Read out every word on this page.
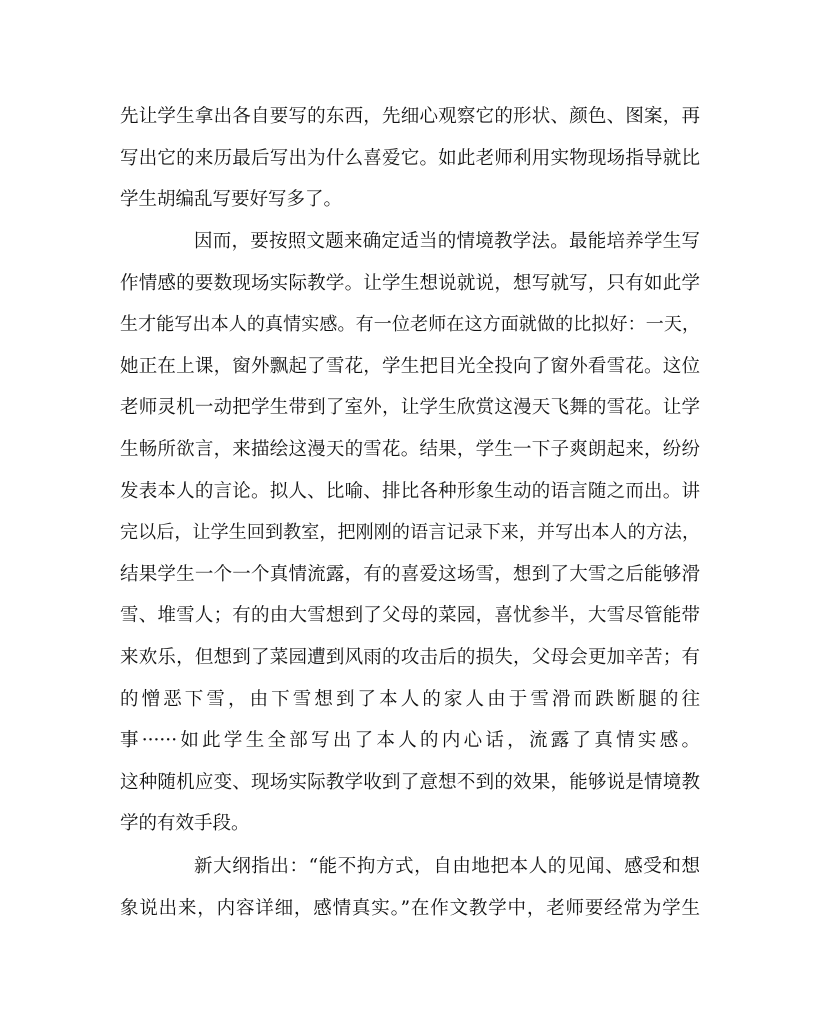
先让学生拿出各自要写的东西，先细心观察它的形状、颜色、图案，再
写出它的来历最后写出为什么喜爱它。如此老师利用实物现场指导就比
学生胡编乱写要好写多了。
因而，要按照文题来确定适当的情境教学法。最能培养学生写
作情感的要数现场实际教学。让学生想说就说，想写就写，只有如此学
生才能写出本人的真情实感。有一位老师在这方面就做的比拟好：一天，
她正在上课，窗外飘起了雪花，学生把目光全投向了窗外看雪花。这位
老师灵机一动把学生带到了室外，让学生欣赏这漫天飞舞的雪花。让学
生畅所欲言，来描绘这漫天的雪花。结果，学生一下子爽朗起来，纷纷
发表本人的言论。拟人、比喻、排比各种形象生动的语言随之而出。讲
完以后，让学生回到教室，把刚刚的语言记录下来，并写出本人的方法，
结果学生一个一个真情流露，有的喜爱这场雪，想到了大雪之后能够滑
雪、堆雪人；有的由大雪想到了父母的菜园，喜忧参半，大雪尽管能带
来欢乐，但想到了菜园遭到风雨的攻击后的损失，父母会更加辛苦；有
的憎恶下雪，由下雪想到了本人的家人由于雪滑而跌断腿的往
事······如此学生全部写出了本人的内心话，流露了真情实感。
这种随机应变、现场实际教学收到了意想不到的效果，能够说是情境教
学的有效手段。
新大纲指出：“能不拘方式，自由地把本人的见闻、感受和想
象说出来，内容详细，感情真实。”在作文教学中，老师要经常为学生
